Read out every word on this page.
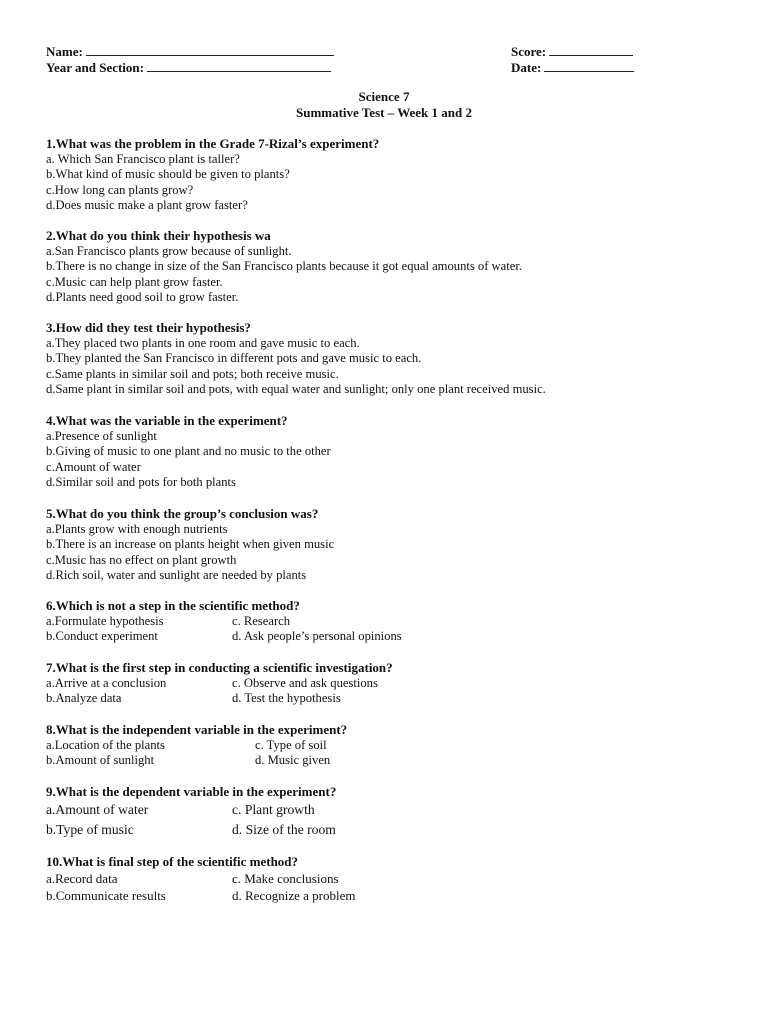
Name:	Score:
Year and Section:	Date:
Science 7
Summative Test – Week 1 and 2
1.What was the problem in the Grade 7-Rizal’s experiment?
a. Which San Francisco plant is taller?
b.What kind of music should be given to plants?
c.How long can plants grow?
d.Does music make a plant grow faster?
2.What do you think their hypothesis wa
a.San Francisco plants grow because of sunlight.
b.There is no change in size of the San Francisco plants because it got equal amounts of water.
c.Music can help plant grow faster.
d.Plants need good soil to grow faster.
3.How did they test their hypothesis?
a.They placed two plants in one room and gave music to each.
b.They planted the San Francisco in different pots and gave music to each.
c.Same plants in similar soil and pots; both receive music.
d.Same plant in similar soil and pots, with equal water and sunlight; only one plant received music.
4.What was the variable in the experiment?
a.Presence of sunlight
b.Giving of music to one plant and no music to the other
c.Amount of water
d.Similar soil and pots for both plants
5.What do you think the group’s conclusion was?
a.Plants grow with enough nutrients
b.There is an increase on plants height when given music
c.Music has no effect on plant growth
d.Rich soil, water and sunlight are needed by plants
6.Which is not a step in the scientific method?
a.Formulate hypothesis	c. Research
b.Conduct experiment	d. Ask people’s personal opinions
7.What is the first step in conducting a scientific investigation?
a.Arrive at a conclusion	c. Observe and ask questions
b.Analyze data	d. Test the hypothesis
8.What is the independent variable in the experiment?
a.Location of the plants	c. Type of soil
b.Amount of sunlight	d. Music given
9.What is the dependent variable in the experiment?
a.Amount of water	c. Plant growth
b.Type of music	d. Size of the room
10.What is final step of the scientific method?
a.Record data	c. Make conclusions
b.Communicate results	d. Recognize a problem
